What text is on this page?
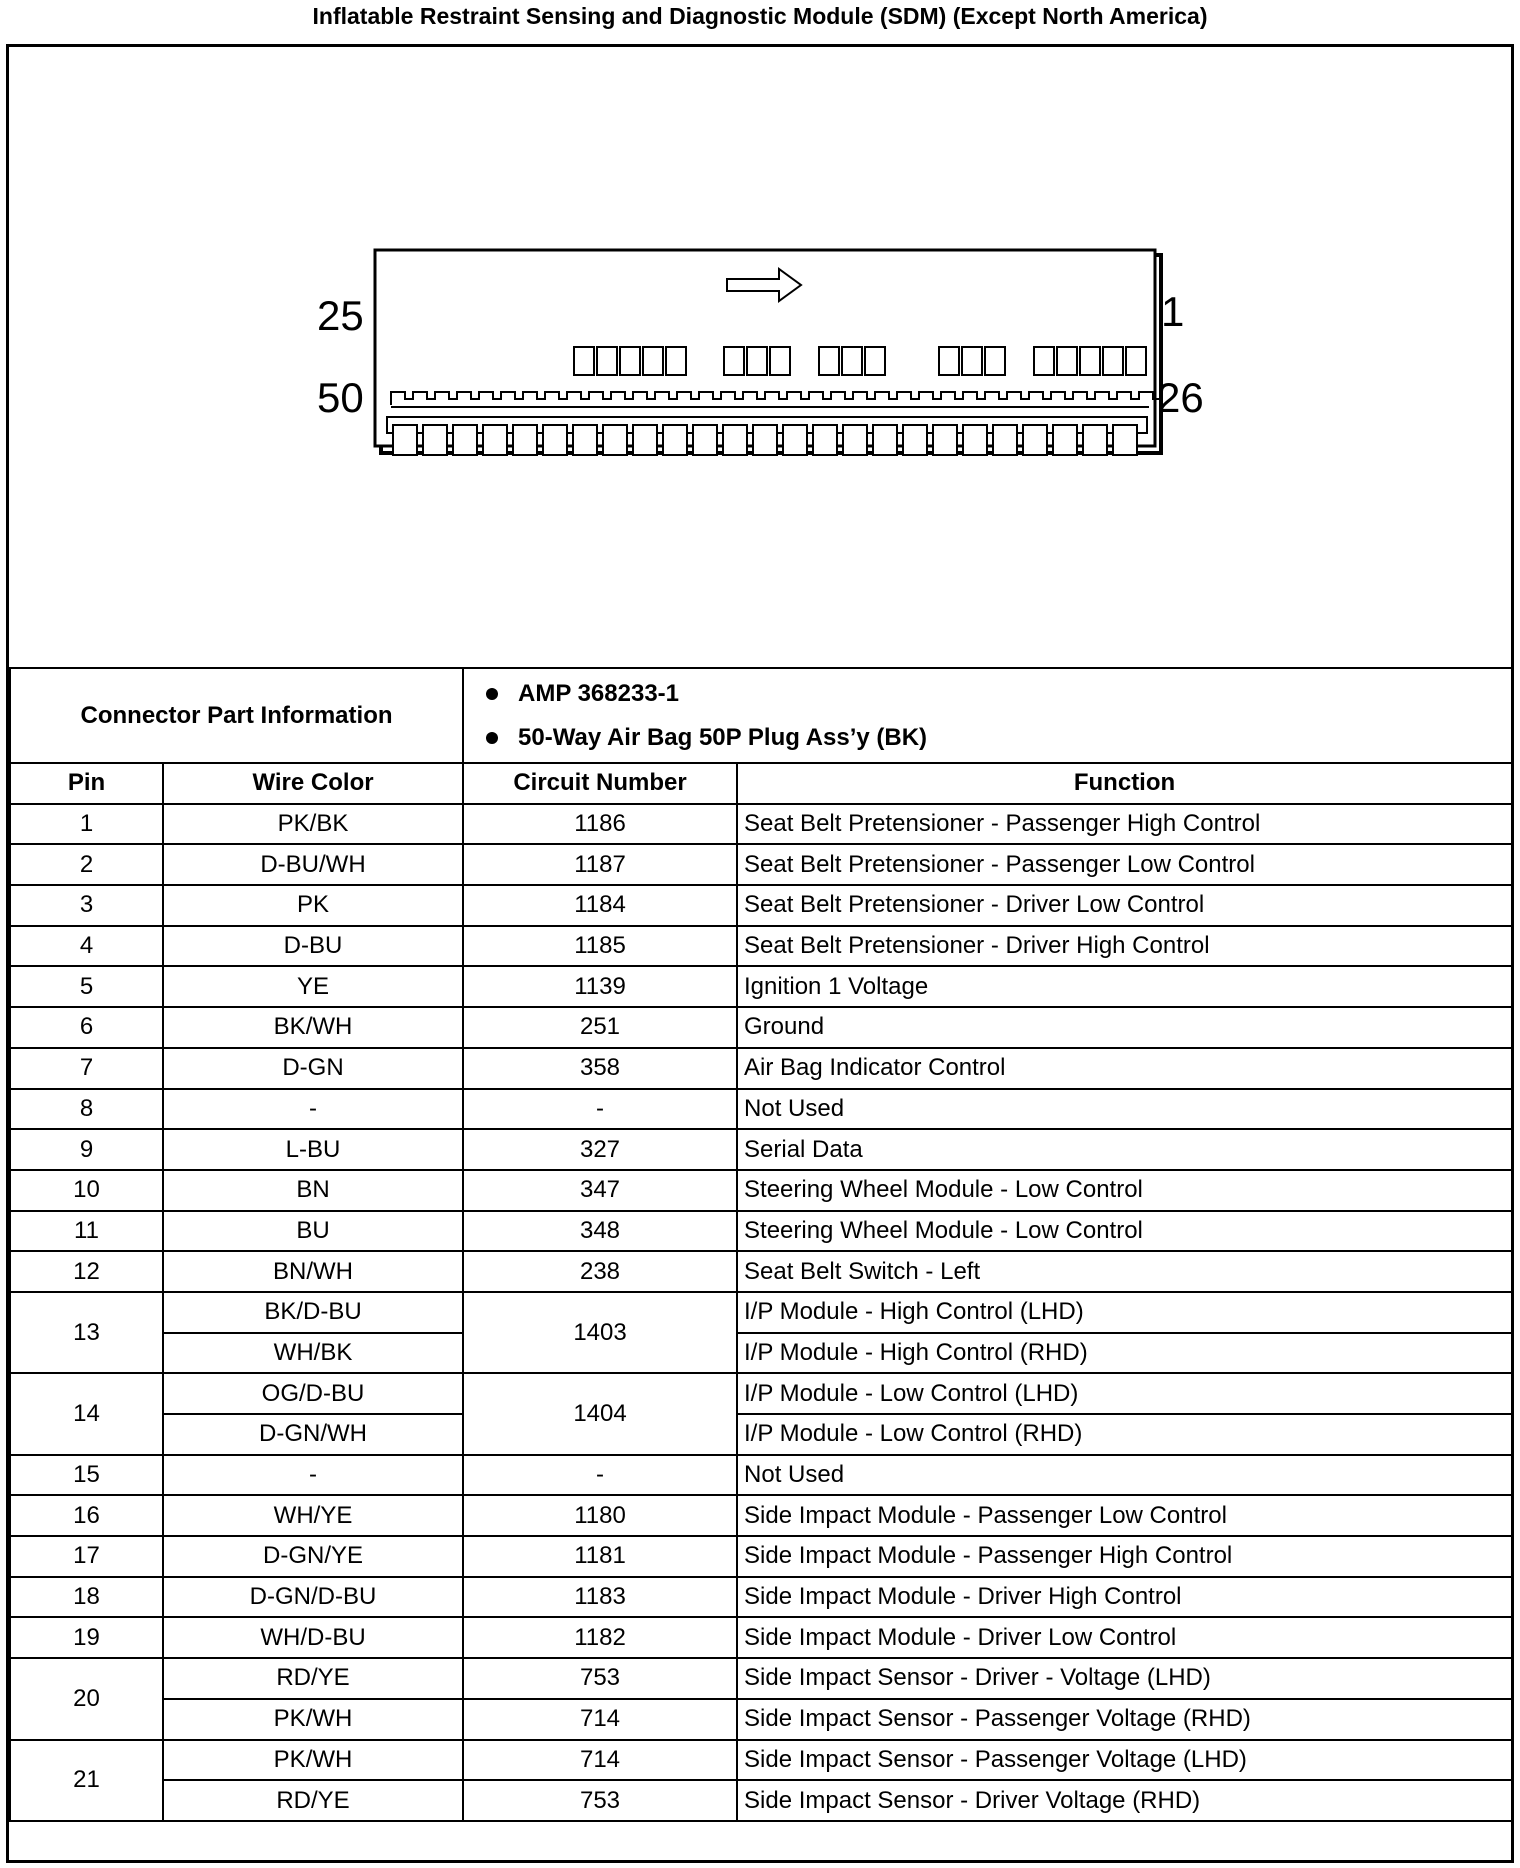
Inflatable Restraint Sensing and Diagnostic Module (SDM) (Except North America)
25	1
50	26
Connector Part Information		AMP 368233-1
50-Way Air Bag 50P Plug Ass’y (BK)	

Pin	Wire Color	Circuit Number	Function
1	PK/BK	1186	Seat Belt Pretensioner - Passenger High Control
2	D-BU/WH	1187	Seat Belt Pretensioner - Passenger Low Control
3	PK	1184	Seat Belt Pretensioner - Driver Low Control
4	D-BU	1185	Seat Belt Pretensioner - Driver High Control
5	YE	1139	Ignition 1 Voltage
6	BK/WH	251	Ground
7	D-GN	358	Air Bag Indicator Control
8	-	-	Not Used
9	L-BU	327	Serial Data
10	BN	347	Steering Wheel Module - Low Control
11	BU	348	Steering Wheel Module - Low Control
12	BN/WH	238	Seat Belt Switch - Left
13	BK/D-BU	1403	I/P Module - High Control (LHD)
	WH/BK		I/P Module - High Control (RHD)
14	OG/D-BU	1404	I/P Module - Low Control (LHD)
	D-GN/WH		I/P Module - Low Control (RHD)
15	-	-	Not Used
16	WH/YE	1180	Side Impact Module - Passenger Low Control
17	D-GN/YE	1181	Side Impact Module - Passenger High Control
18	D-GN/D-BU	1183	Side Impact Module - Driver High Control
19	WH/D-BU	1182	Side Impact Module - Driver Low Control
20	RD/YE	753	Side Impact Sensor - Driver - Voltage (LHD)
	PK/WH	714	Side Impact Sensor - Passenger Voltage (RHD)
21	PK/WH	714	Side Impact Sensor - Passenger Voltage (LHD)
	RD/YE	753	Side Impact Sensor - Driver Voltage (RHD)
